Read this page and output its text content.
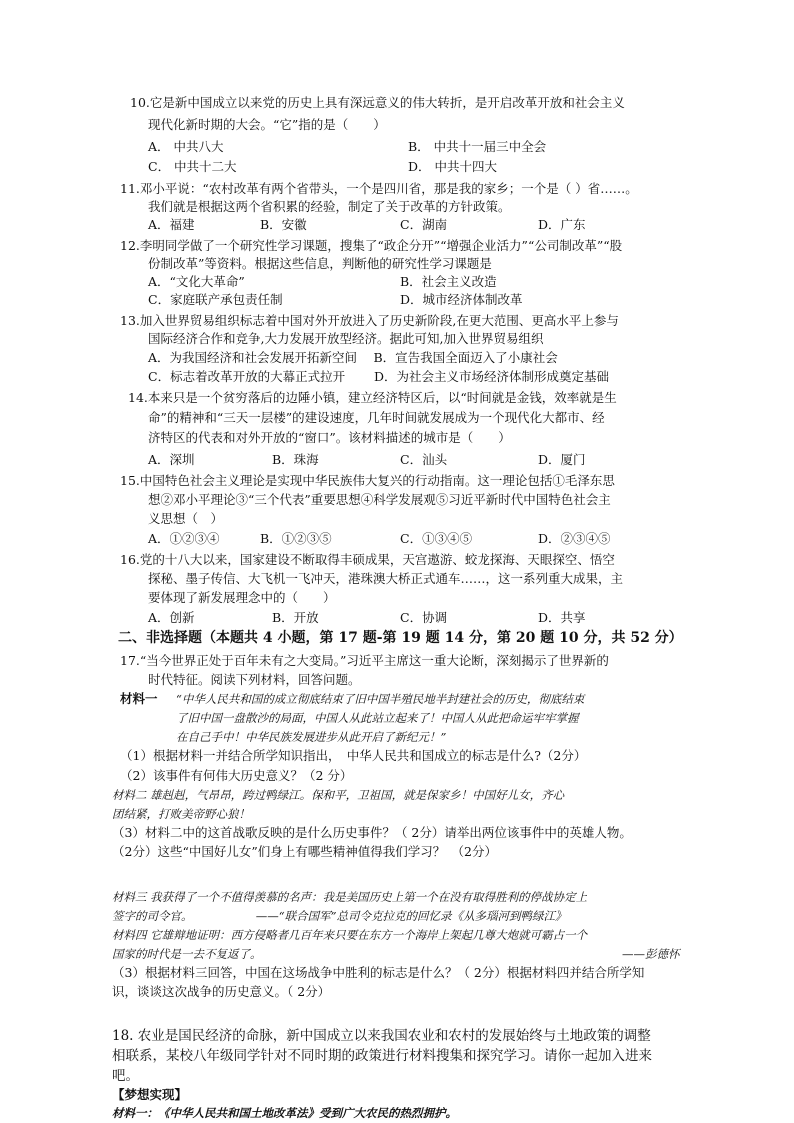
10.它是新中国成立以来党的历史上具有深远意义的伟大转折，是开启改革开放和社会主义
现代化新时期的大会。“它”指的是（　　）
A． 中共八大	B． 中共十一届三中全会
C． 中共十二大	D． 中共十四大
11.邓小平说：“农村改革有两个省带头，一个是四川省，那是我的家乡；一个是（ ）省……。
我们就是根据这两个省积累的经验，制定了关于改革的方针政策。
A．福建	B．安徽	C．湖南	D．广东
12.李明同学做了一个研究性学习课题，搜集了“政企分开”“增强企业活力”“公司制改革”“股
份制改革”等资料。根据这些信息，判断他的研究性学习课题是
A．“文化大革命”	B．社会主义改造
C．家庭联产承包责任制	D．城市经济体制改革
13.加入世界贸易组织标志着中国对外开放进入了历史新阶段,在更大范围、更高水平上参与
国际经济合作和竞争,大力发展开放型经济。据此可知,加入世界贸易组织
A．为我国经济和社会发展开拓新空间　 B．宣告我国全面迈入了小康社会
C．标志着改革开放的大幕正式拉开　 　D．为社会主义市场经济体制形成奠定基础
14.本来只是一个贫穷落后的边陲小镇，建立经济特区后，以“时间就是金钱，效率就是生
命”的精神和“三天一层楼”的建设速度，几年时间就发展成为一个现代化大都市、经
济特区的代表和对外开放的“窗口”。该材料描述的城市是（　　）
A．深圳	B．珠海	C．汕头	D．厦门
15.中国特色社会主义理论是实现中华民族伟大复兴的行动指南。这一理论包括①毛泽东思
想②邓小平理论③“三个代表”重要思想④科学发展观⑤习近平新时代中国特色社会主
义思想（　）
A．①②③④	B．①②③⑤	C．①③④⑤	D．②③④⑤
16.党的十八大以来，国家建设不断取得丰硕成果，天宫遨游、蛟龙探海、天眼探空、悟空
探秘、墨子传信、大飞机一飞冲天，港珠澳大桥正式通车……，这一系列重大成果，主
要体现了新发展理念中的（　　）
A．创新	B．开放	C．协调	D．共享
二、非选择题（本题共 4 小题，第 17 题-第 19 题 14 分，第 20 题 10 分，共 52 分）
17.“当今世界正处于百年未有之大变局。”习近平主席这一重大论断，深刻揭示了世界新的
时代特征。阅读下列材料，回答问题。
材料一 “中华人民共和国的成立彻底结束了旧中国半殖民地半封建社会的历史，彻底结束
了旧中国一盘散沙的局面，中国人从此站立起来了！中国人从此把命运牢牢掌握
在自己手中！中华民族发展进步从此开启了新纪元！”
（1）根据材料一并结合所学知识指出，　中华人民共和国成立的标志是什么?（2分）
（2）该事件有何伟大历史意义？（2 分）
材料二 雄赳赳，气昂昂，跨过鸭绿江。保和平，卫祖国，就是保家乡！中国好儿女，齐心
团结紧，打败美帝野心狼！
（3）材料二中的这首战歌反映的是什么历史事件？（ 2分）请举出两位该事件中的英雄人物。
（2分）这些“中国好儿女”们身上有哪些精神值得我们学习？　（2分）
材料三 我获得了一个不值得羡慕的名声：我是美国历史上第一个在没有取得胜利的停战协定上
签字的司令官。　　　　　　——“联合国军”总司令克拉克的回忆录《从多瑙河到鸭绿江》
材料四 它雄辩地证明：西方侵略者几百年来只要在东方一个海岸上架起几尊大炮就可霸占一个
国家的时代是一去不复返了。	——彭德怀
（3）根据材料三回答，中国在这场战争中胜利的标志是什么？（ 2分）根据材料四并结合所学知
识，谈谈这次战争的历史意义。（ 2分）
18. 农业是国民经济的命脉，新中国成立以来我国农业和农村的发展始终与土地政策的调整
相联系，某校八年级同学针对不同时期的政策进行材料搜集和探究学习。请你一起加入进来
吧。
【梦想实现】
材料一：《中华人民共和国土地改革法》受到广大农民的热烈拥护。
